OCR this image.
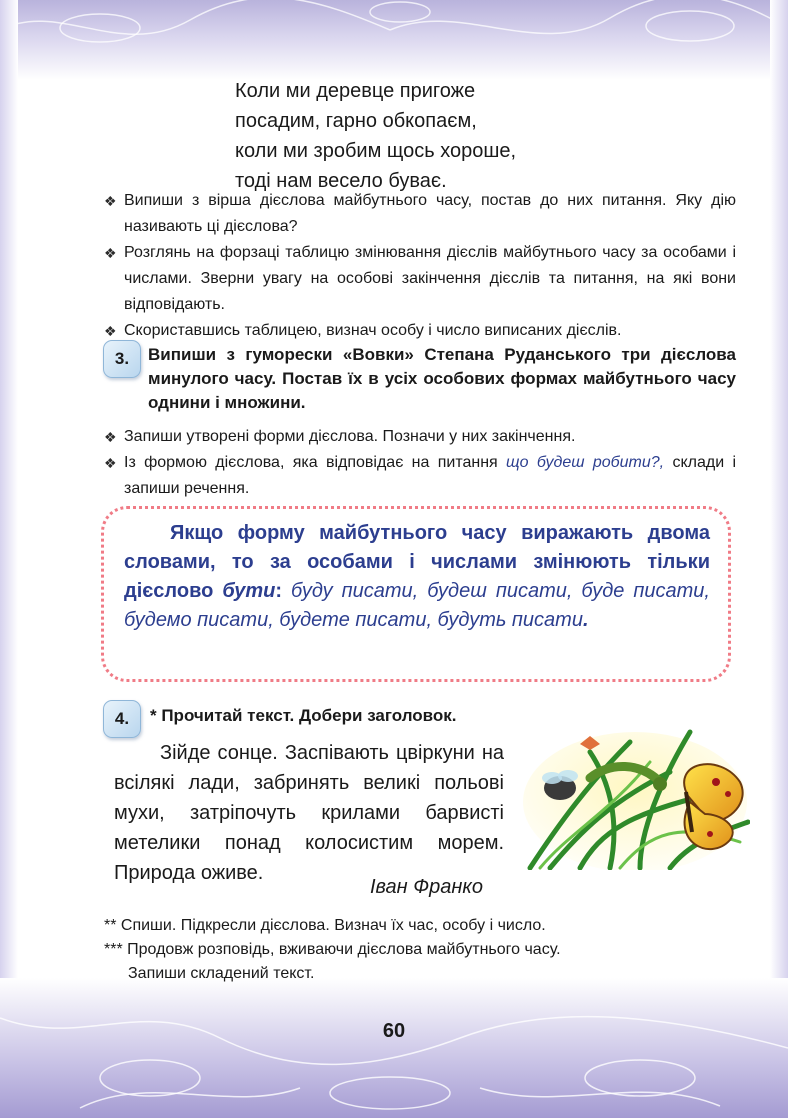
Коли ми деревце пригоже
посадим, гарно обкопаєм,
коли ми зробим щось хороше,
тоді нам весело буває.
❖ Випиши з вірша дієслова майбутнього часу, постав до них питання. Яку дію називають ці дієслова?
❖ Розглянь на форзаці таблицю змінювання дієслів майбутнього часу за особами і числами. Зверни увагу на особові закінчення дієслів та питання, на які вони відповідають.
❖ Скориставшись таблицею, визнач особу і число виписаних дієслів.
3.	Випиши з гуморески «Вовки» Степана Руданського три дієслова минулого часу. Постав їх в усіх особових формах майбутнього часу однини і множини.
❖ Запиши утворені форми дієслова. Позначи у них закінчення.
❖ Із формою дієслова, яка відповідає на питання що будеш робити?, склади і запиши речення.
Якщо форму майбутнього часу виражають двома словами, то за особами і числами змінюють тільки дієслово бути: буду писати, будеш писати, буде писати, будемо писати, будете писати, будуть писати.
4.	* Прочитай текст. Добери заголовок.
Зійде сонце. Заспівають цвіркуни на всілякі лади, забринять великі польові мухи, затріпочуть крилами барвисті метелики понад колосистим морем. Природа оживе.
Іван Франко
** Спиши. Підкресли дієслова. Визнач їх час, особу і число.
*** Продовж розповідь, вживаючи дієслова майбутнього часу.
Запиши складений текст.
60
